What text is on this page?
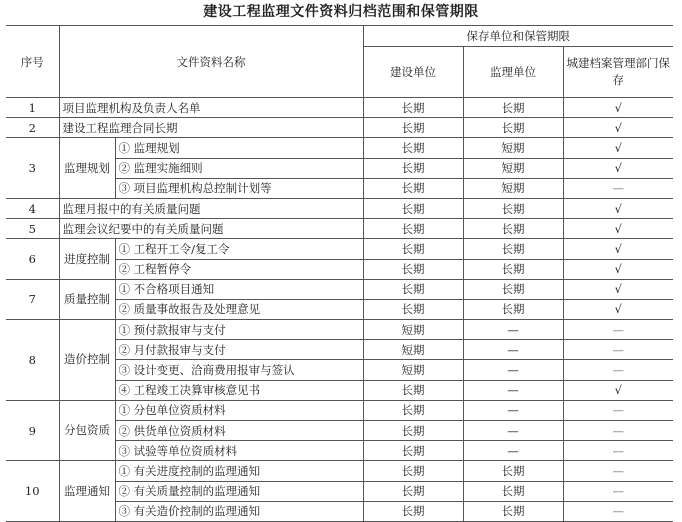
建设工程监理文件资料归档范围和保管期限
序号	文件资料名称		保存单位和保管期限		
			建设单位	监理单位	城建档案管理部门保存
1	项目监理机构及负责人名单		长期	长期	√
2	建设工程监理合同长期		长期	长期	√
3	监理规划	① 监理规划	长期	短期	√
		② 监理实施细则	长期	短期	√
		③ 项目监理机构总控制计划等	长期	短期	—
4	监理月报中的有关质量问题		长期	长期	√
5	监理会议纪要中的有关质量问题		长期	长期	√
6	进度控制	① 工程开工令/复工令	长期	长期	√
		② 工程暂停令	长期	长期	√
7	质量控制	① 不合格项目通知	长期	长期	√
		② 质量事故报告及处理意见	长期	长期	√
8	造价控制	① 预付款报审与支付	短期	—	—
		② 月付款报审与支付	短期	—	—
		③ 设计变更、洽商费用报审与签认	短期	—	—
		④ 工程竣工决算审核意见书	长期	—	√
9	分包资质	① 分包单位资质材料	长期	—	—
		② 供货单位资质材料	长期	—	—
		③ 试验等单位资质材料	长期	—	—
10	监理通知	① 有关进度控制的监理通知	长期	长期	—
		② 有关质量控制的监理通知	长期	长期	—
		③ 有关造价控制的监理通知	长期	长期	—
